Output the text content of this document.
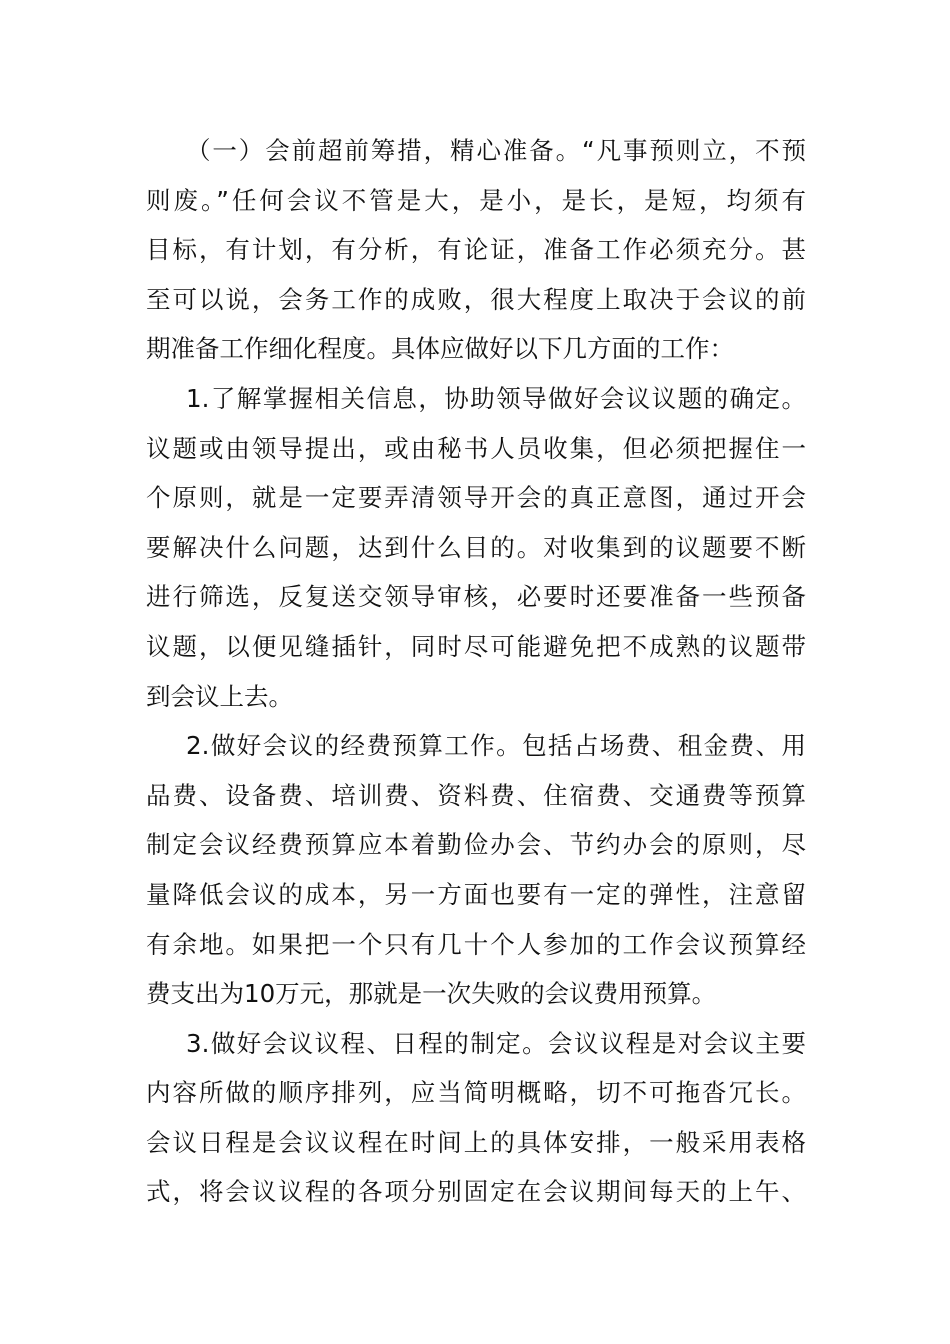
（一）会前超前筹措，精心准备。“凡事预则立，不预
则废。”任何会议不管是大，是小，是长，是短，均须有
目标，有计划，有分析，有论证，准备工作必须充分。甚
至可以说，会务工作的成败，很大程度上取决于会议的前
期准备工作细化程度。具体应做好以下几方面的工作：
1.了解掌握相关信息，协助领导做好会议议题的确定。
议题或由领导提出，或由秘书人员收集，但必须把握住一
个原则，就是一定要弄清领导开会的真正意图，通过开会
要解决什么问题，达到什么目的。对收集到的议题要不断
进行筛选，反复送交领导审核，必要时还要准备一些预备
议题，以便见缝插针，同时尽可能避免把不成熟的议题带
到会议上去。
2.做好会议的经费预算工作。包括占场费、租金费、用
品费、设备费、培训费、资料费、住宿费、交通费等预算
制定会议经费预算应本着勤俭办会、节约办会的原则，尽
量降低会议的成本，另一方面也要有一定的弹性，注意留
有余地。如果把一个只有几十个人参加的工作会议预算经
费支出为10万元，那就是一次失败的会议费用预算。
3.做好会议议程、日程的制定。会议议程是对会议主要
内容所做的顺序排列，应当简明概略，切不可拖沓冗长。
会议日程是会议议程在时间上的具体安排，一般采用表格
式，将会议议程的各项分别固定在会议期间每天的上午、
